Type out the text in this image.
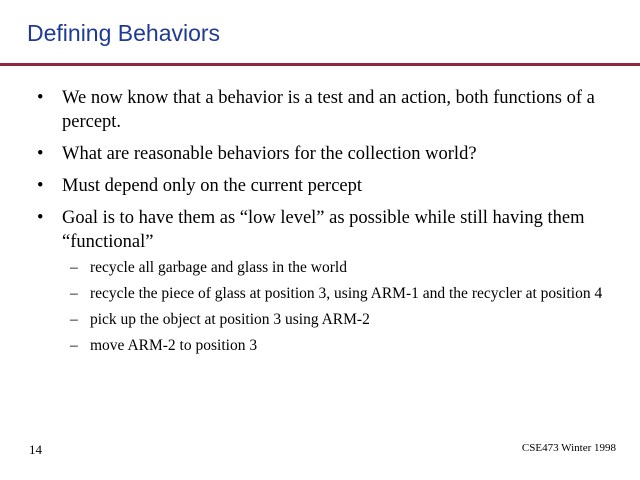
Defining Behaviors
• We now know that a behavior is a test and an action, both functions of a percept.
• What are reasonable behaviors for the collection world?
• Must depend only on the current percept
• Goal is to have them as “low level” as possible while still having them “functional”
– recycle all garbage and glass in the world
– recycle the piece of glass at position 3, using ARM-1 and the recycler at position 4
– pick up the object at position 3 using ARM-2
– move ARM-2 to position 3
14	CSE473 Winter 1998
